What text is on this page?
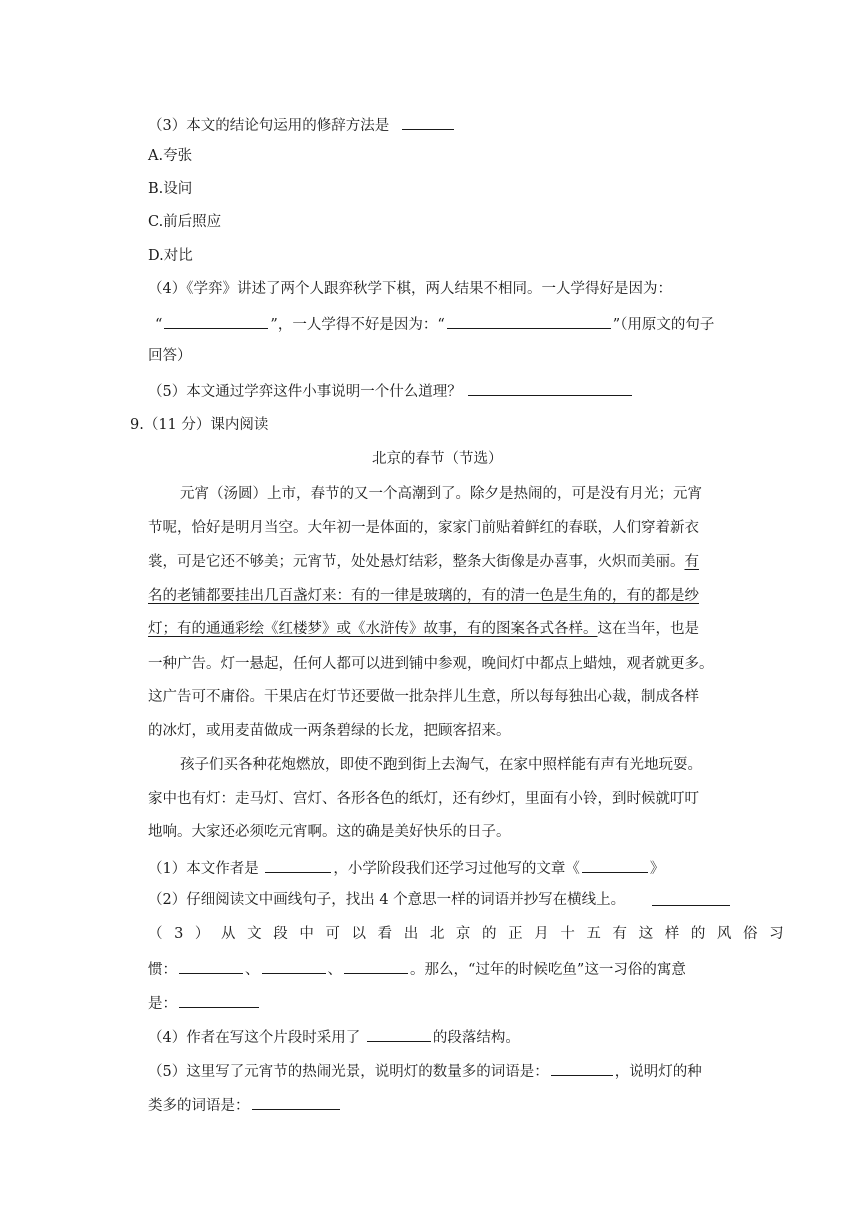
（3）本文的结论句运用的修辞方法是
A.夸张
B.设问
C.前后照应
D.对比
（4）《学弈》讲述了两个人跟弈秋学下棋，两人结果不相同。一人学得好是因为：
“	”，一人学得不好是因为：“	”（用原文的句子
回答）
（5）本文通过学弈这件小事说明一个什么道理？
9.（11 分）课内阅读
北京的春节（节选）
元宵（汤圆）上市，春节的又一个高潮到了。除夕是热闹的，可是没有月光；元宵
节呢，恰好是明月当空。大年初一是体面的，家家门前贴着鲜红的春联，人们穿着新衣
裳，可是它还不够美；元宵节，处处悬灯结彩，整条大街像是办喜事，火炽而美丽。有
名的老铺都要挂出几百盏灯来：有的一律是玻璃的，有的清一色是生角的，有的都是纱
灯；有的通通彩绘《红楼梦》或《水浒传》故事，有的图案各式各样。这在当年，也是
一种广告。灯一悬起，任何人都可以进到铺中参观，晚间灯中都点上蜡烛，观者就更多。
这广告可不庸俗。干果店在灯节还要做一批杂拌儿生意，所以每每独出心裁，制成各样
的冰灯，或用麦苗做成一两条碧绿的长龙，把顾客招来。
孩子们买各种花炮燃放，即使不跑到街上去淘气，在家中照样能有声有光地玩耍。
家中也有灯：走马灯、宫灯、各形各色的纸灯，还有纱灯，里面有小铃，到时候就叮叮
地响。大家还必须吃元宵啊。这的确是美好快乐的日子。
（1）本文作者是	，小学阶段我们还学习过他写的文章《	》
（2）仔细阅读文中画线句子，找出 4 个意思一样的词语并抄写在横线上。
（3）从文段中可以看出北京的正月十五有这样的风俗习
惯：	、	、	。那么，“过年的时候吃鱼”这一习俗的寓意
是：
（4）作者在写这个片段时采用了	的段落结构。
（5）这里写了元宵节的热闹光景，说明灯的数量多的词语是：	，说明灯的种
类多的词语是：
